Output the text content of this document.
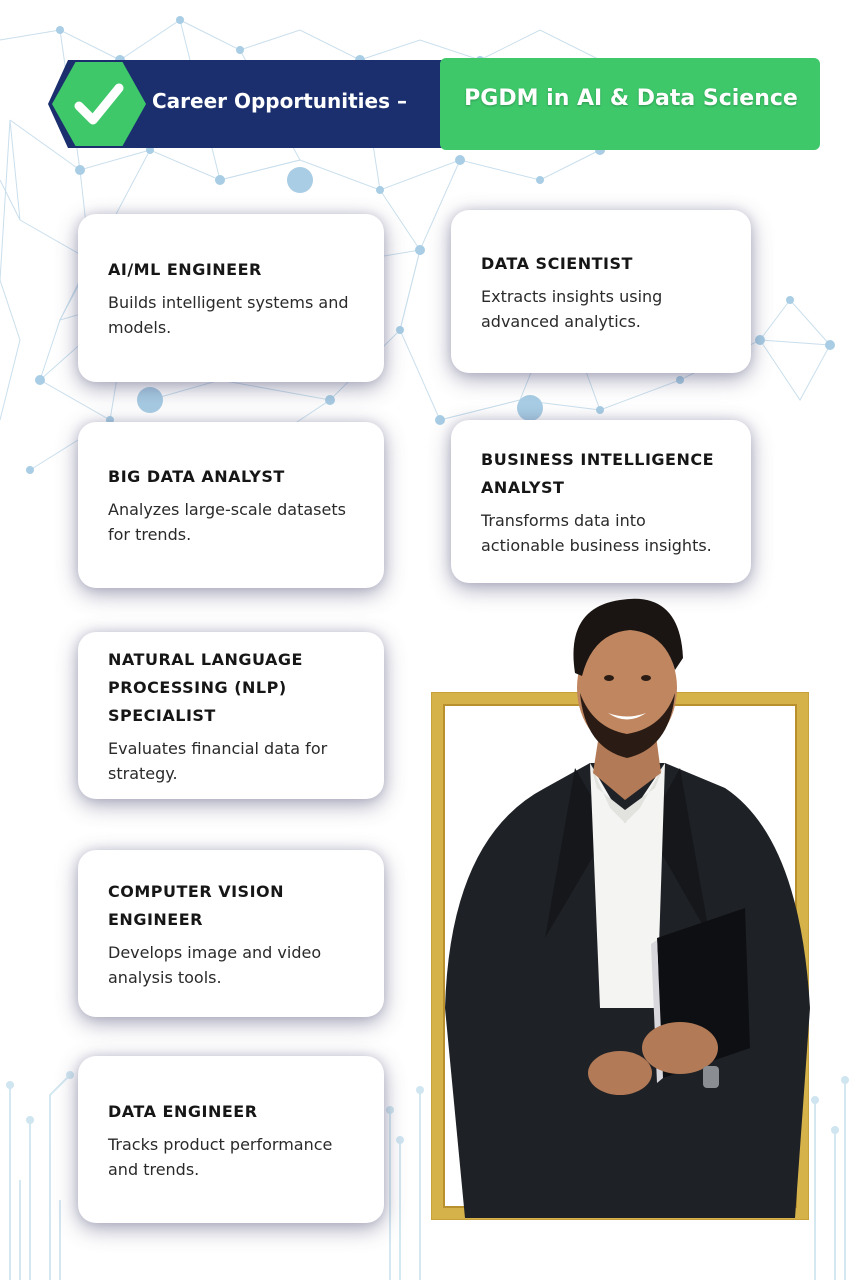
Career Opportunities –	PGDM in AI & Data Science
AI/ML ENGINEER
Builds intelligent systems and models.
DATA SCIENTIST
Extracts insights using advanced analytics.
BIG DATA ANALYST
Analyzes large-scale datasets for trends.
BUSINESS INTELLIGENCE ANALYST
Transforms data into actionable business insights.
NATURAL LANGUAGE PROCESSING (NLP) SPECIALIST
Evaluates financial data for strategy.
COMPUTER VISION ENGINEER
Develops image and video analysis tools.
DATA ENGINEER
Tracks product performance and trends.
